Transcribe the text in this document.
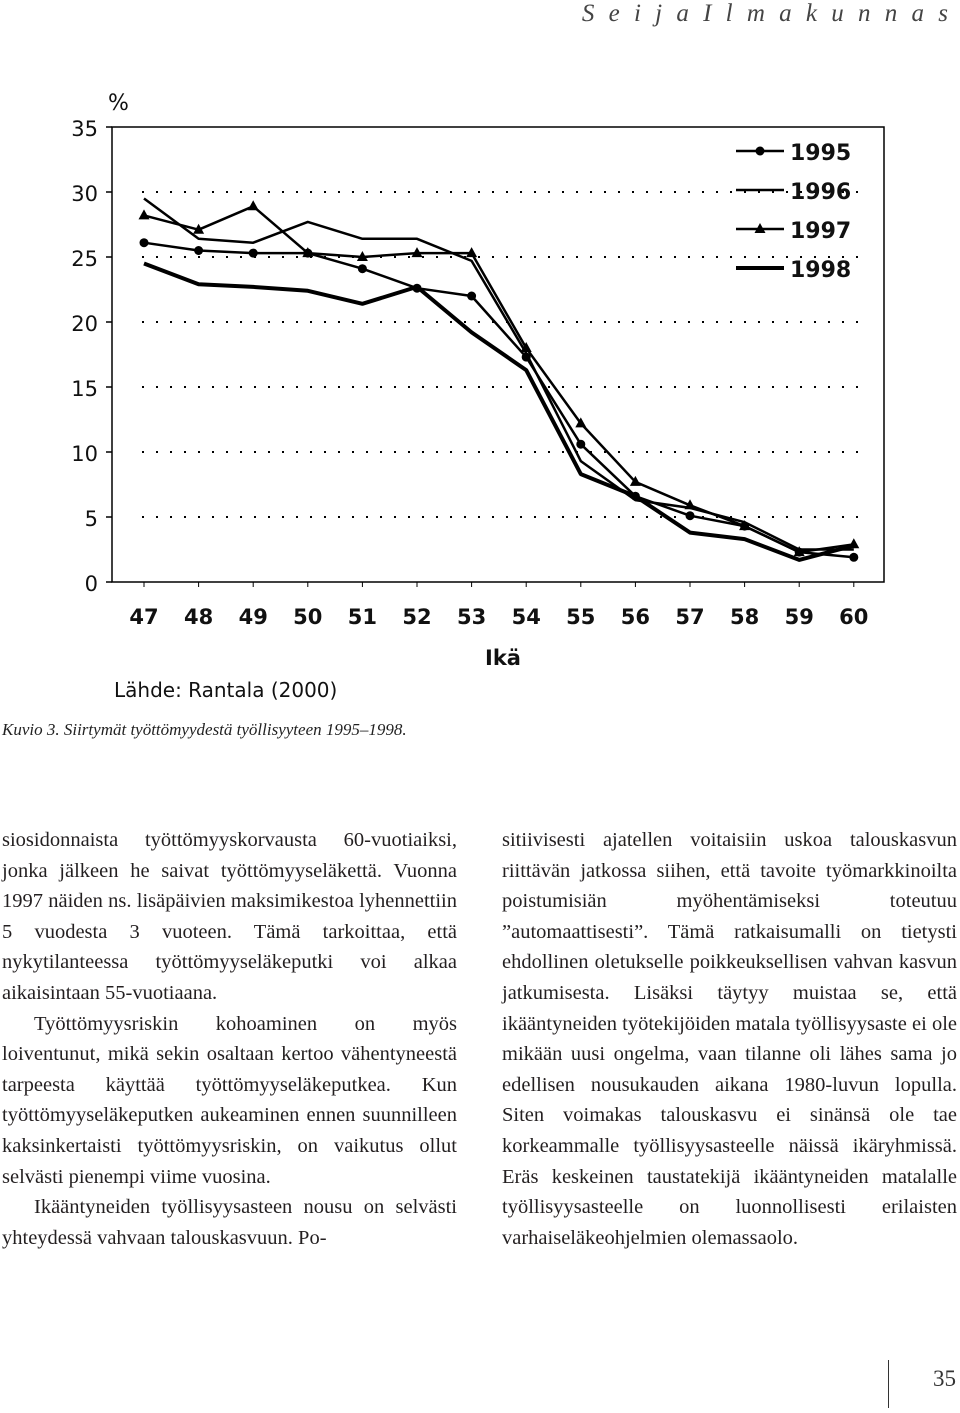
S e i j a I l m a k u n n a s
35
30
25
20
15
10
5
0
%
47 48 49 50 51 52 53 54 55 56 57 58 59 60
Ikä
Lähde: Rantala (2000)
1995
1996
1997
1998
Kuvio 3. Siirtymät työttömyydestä työllisyyteen 1995–1998.

siosidonnaista työttömyyskorvausta 60-vuotiaiksi, jonka jälkeen he saivat työttömyyseläkettä. Vuonna 1997 näiden ns. lisäpäivien maksimikestoa lyhennettiin 5 vuodesta 3 vuoteen. Tämä tarkoittaa, että nykytilanteessa työttömyyseläkeputki voi alkaa aikaisintaan 55-vuotiaana.

Työttömyysriskin kohoaminen on myös loiventunut, mikä sekin osaltaan kertoo vähentyneestä tarpeesta käyttää työttömyyseläkeputkea. Kun työttömyyseläkeputken aukeaminen ennen suunnilleen kaksinkertaisti työttömyysriskin, on vaikutus ollut selvästi pienempi viime vuosina.

Ikääntyneiden työllisyysasteen nousu on selvästi yhteydessä vahvaan talouskasvuun. Po-

sitiivisesti ajatellen voitaisiin uskoa talouskasvun riittävän jatkossa siihen, että tavoite työmarkkinoilta poistumisiän myöhentämiseksi toteutuu ”automaattisesti”. Tämä ratkaisumalli on tietysti ehdollinen oletukselle poikkeuksellisen vahvan kasvun jatkumisesta. Lisäksi täytyy muistaa se, että ikääntyneiden työtekijöiden matala työllisyysaste ei ole mikään uusi ongelma, vaan tilanne oli lähes sama jo edellisen nousukauden aikana 1980-luvun lopulla. Siten voimakas talouskasvu ei sinänsä ole tae korkeammalle työllisyysasteelle näissä ikäryhmissä. Eräs keskeinen taustatekijä ikääntyneiden matalalle työllisyysasteelle on luonnollisesti erilaisten varhaiseläkeohjelmien olemassaolo.

35
